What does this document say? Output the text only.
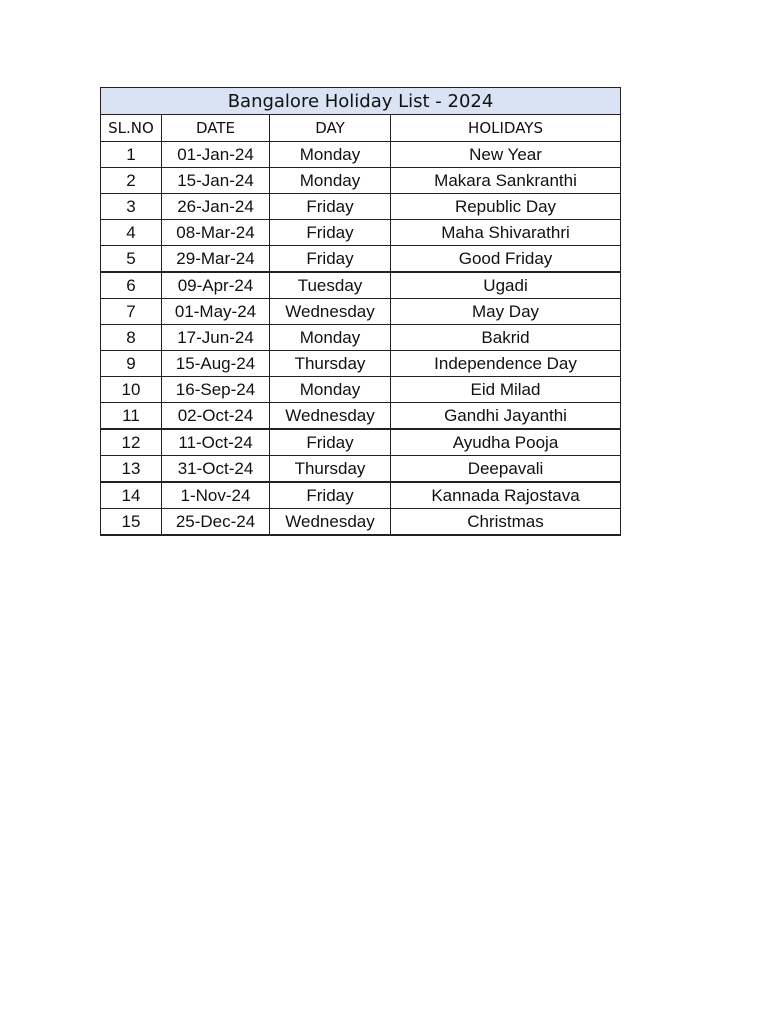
Bangalore Holiday List - 2024			
SL.NO	DATE	DAY	HOLIDAYS
1	01-Jan-24	Monday	New Year
2	15-Jan-24	Monday	Makara Sankranthi
3	26-Jan-24	Friday	Republic Day
4	08-Mar-24	Friday	Maha Shivarathri
5	29-Mar-24	Friday	Good Friday
6	09-Apr-24	Tuesday	Ugadi
7	01-May-24	Wednesday	May Day
8	17-Jun-24	Monday	Bakrid
9	15-Aug-24	Thursday	Independence Day
10	16-Sep-24	Monday	Eid Milad
11	02-Oct-24	Wednesday	Gandhi Jayanthi
12	11-Oct-24	Friday	Ayudha Pooja
13	31-Oct-24	Thursday	Deepavali
14	1-Nov-24	Friday	Kannada Rajostava
15	25-Dec-24	Wednesday	Christmas
